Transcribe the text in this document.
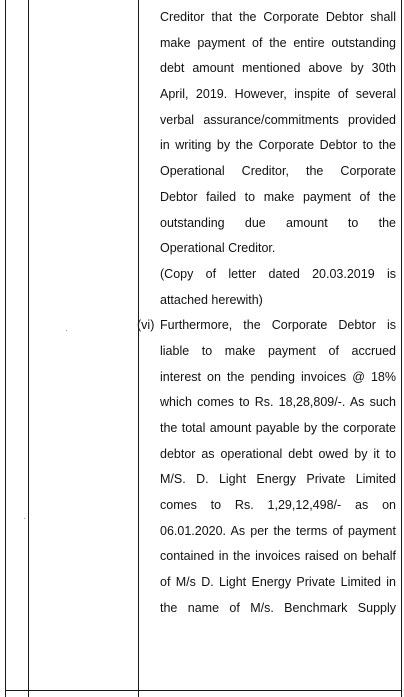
Creditor that the Corporate Debtor shall
make payment of the entire outstanding
debt amount mentioned above by 30th
April, 2019. However, inspite of several
verbal assurance/commitments provided
in writing by the Corporate Debtor to the
Operational Creditor, the Corporate
Debtor failed to make payment of the
outstanding due amount to the
Operational Creditor.
(Copy of letter dated 20.03.2019 is
attached herewith)
(vi) Furthermore, the Corporate Debtor is
liable to make payment of accrued
interest on the pending invoices @ 18%
which comes to Rs. 18,28,809/-. As such
the total amount payable by the corporate
debtor as operational debt owed by it to
M/S. D. Light Energy Private Limited
comes to Rs. 1,29,12,498/- as on
06.01.2020. As per the terms of payment
contained in the invoices raised on behalf
of M/s D. Light Energy Private Limited in
the name of M/s. Benchmark Supply
